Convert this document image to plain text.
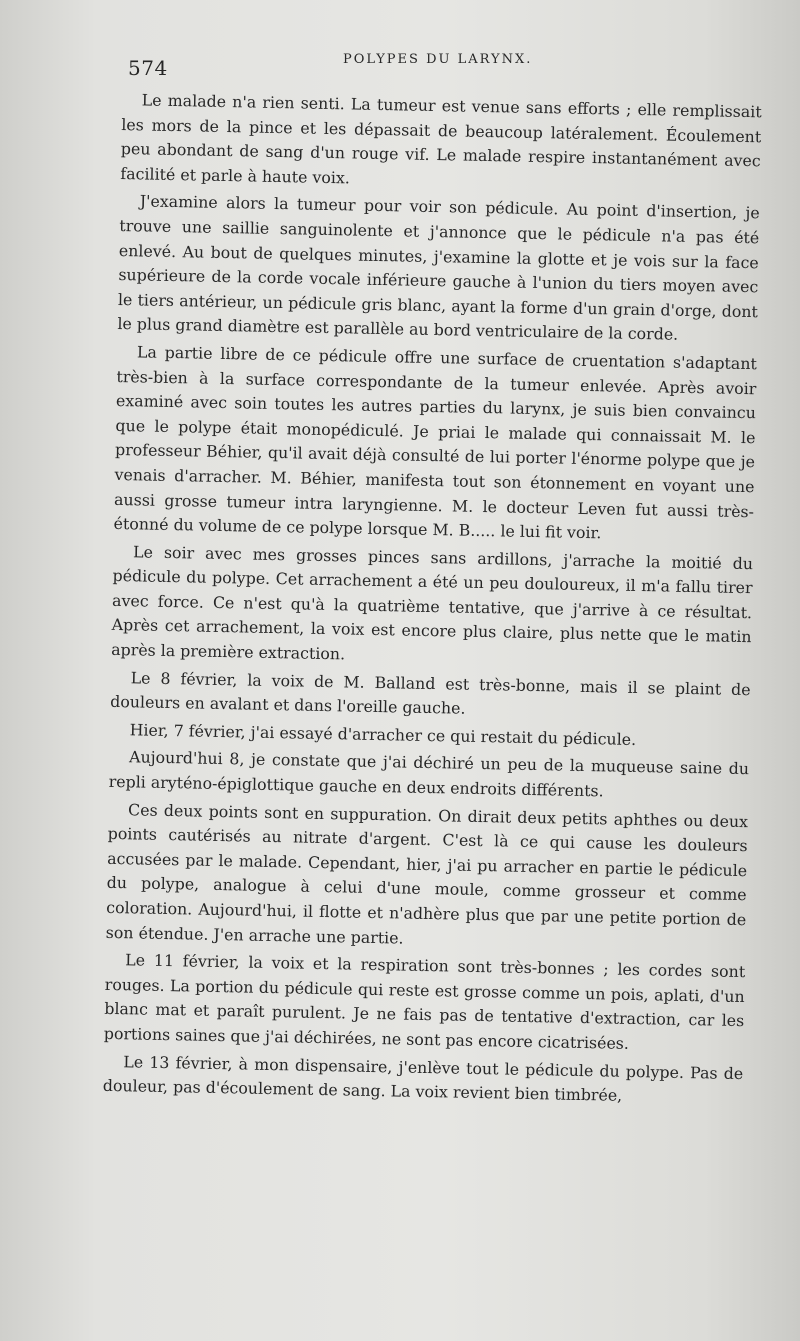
574	POLYPES DU LARYNX.

Le malade n'a rien senti. La tumeur est venue sans efforts ; elle remplissait les mors de la pince et les dépassait de beaucoup latéralement. Écoulement peu abondant de sang d'un rouge vif. Le malade respire instantanément avec facilité et parle à haute voix.

J'examine alors la tumeur pour voir son pédicule. Au point d'insertion, je trouve une saillie sanguinolente et j'annonce que le pédicule n'a pas été enlevé. Au bout de quelques minutes, j'examine la glotte et je vois sur la face supérieure de la corde vocale inférieure gauche à l'union du tiers moyen avec le tiers antérieur, un pédicule gris blanc, ayant la forme d'un grain d'orge, dont le plus grand diamètre est parallèle au bord ventriculaire de la corde.

La partie libre de ce pédicule offre une surface de cruentation s'adaptant très-bien à la surface correspondante de la tumeur enlevée. Après avoir examiné avec soin toutes les autres parties du larynx, je suis bien convaincu que le polype était monopédiculé. Je priai le malade qui connaissait M. le professeur Béhier, qu'il avait déjà consulté de lui porter l'énorme polype que je venais d'arracher. M. Béhier, manifesta tout son étonnement en voyant une aussi grosse tumeur intra laryngienne. M. le docteur Leven fut aussi très-étonné du volume de ce polype lorsque M. B..... le lui fit voir.

Le soir avec mes grosses pinces sans ardillons, j'arrache la moitié du pédicule du polype. Cet arrachement a été un peu douloureux, il m'a fallu tirer avec force. Ce n'est qu'à la quatrième tentative, que j'arrive à ce résultat. Après cet arrachement, la voix est encore plus claire, plus nette que le matin après la première extraction.

Le 8 février, la voix de M. Balland est très-bonne, mais il se plaint de douleurs en avalant et dans l'oreille gauche.

Hier, 7 février, j'ai essayé d'arracher ce qui restait du pédicule.

Aujourd'hui 8, je constate que j'ai déchiré un peu de la muqueuse saine du repli aryténo-épiglottique gauche en deux endroits différents.

Ces deux points sont en suppuration. On dirait deux petits aphthes ou deux points cautérisés au nitrate d'argent. C'est là ce qui cause les douleurs accusées par le malade. Cependant, hier, j'ai pu arracher en partie le pédicule du polype, analogue à celui d'une moule, comme grosseur et comme coloration. Aujourd'hui, il flotte et n'adhère plus que par une petite portion de son étendue. J'en arrache une partie.

Le 11 février, la voix et la respiration sont très-bonnes ; les cordes sont rouges. La portion du pédicule qui reste est grosse comme un pois, aplati, d'un blanc mat et paraît purulent. Je ne fais pas de tentative d'extraction, car les portions saines que j'ai déchirées, ne sont pas encore cicatrisées.

Le 13 février, à mon dispensaire, j'enlève tout le pédicule du polype. Pas de douleur, pas d'écoulement de sang. La voix revient bien timbrée,
